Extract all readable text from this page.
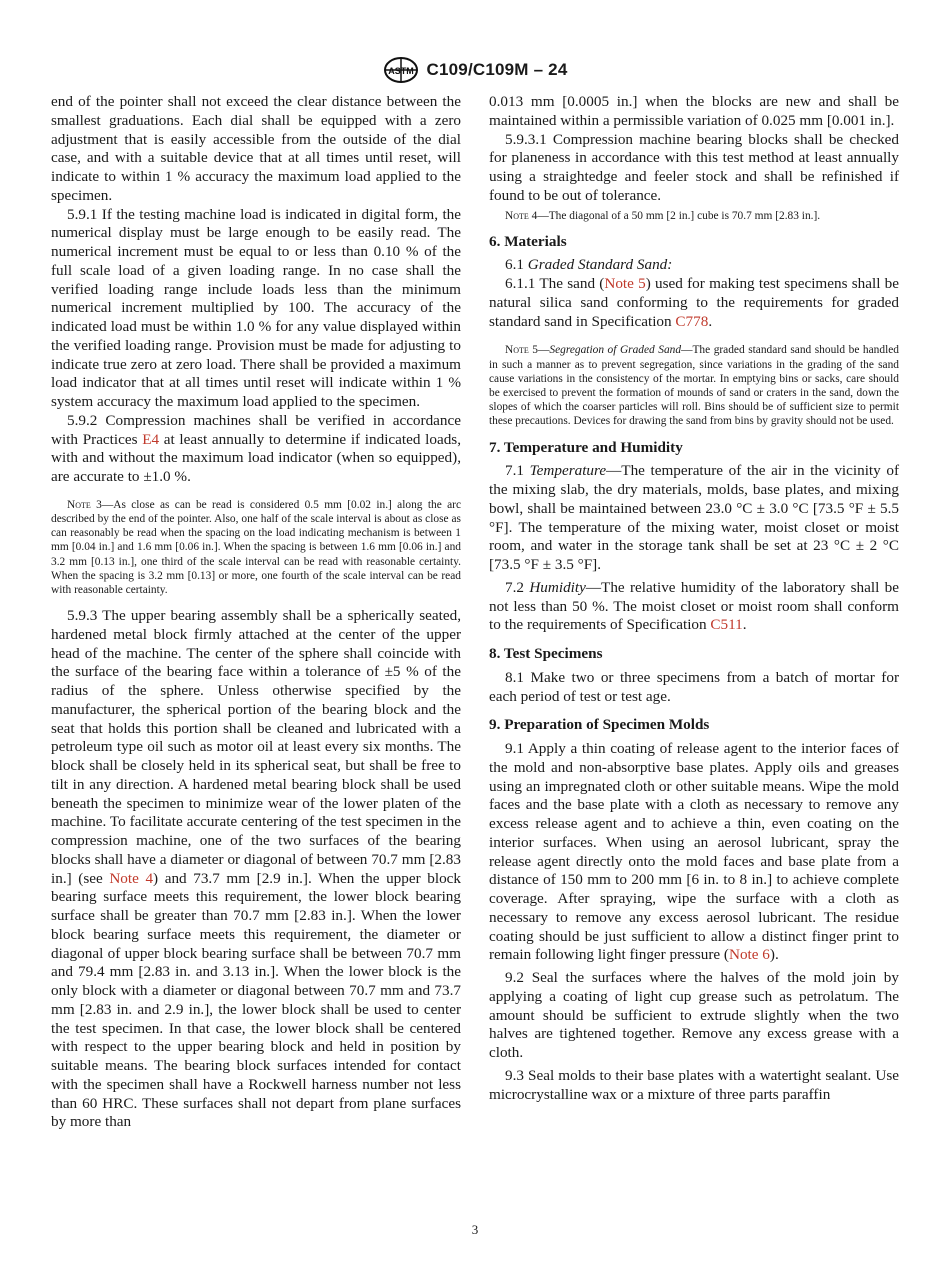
ASTM C109/C109M – 24

end of the pointer shall not exceed the clear distance between the smallest graduations. Each dial shall be equipped with a zero adjustment that is easily accessible from the outside of the dial case, and with a suitable device that at all times until reset, will indicate to within 1 % accuracy the maximum load applied to the specimen.

5.9.1 If the testing machine load is indicated in digital form, the numerical display must be large enough to be easily read. The numerical increment must be equal to or less than 0.10 % of the full scale load of a given loading range. In no case shall the verified loading range include loads less than the minimum numerical increment multiplied by 100. The accuracy of the indicated load must be within 1.0 % for any value displayed within the verified loading range. Provision must be made for adjusting to indicate true zero at zero load. There shall be provided a maximum load indicator that at all times until reset will indicate within 1 % system accuracy the maximum load applied to the specimen.

5.9.2 Compression machines shall be verified in accordance with Practices E4 at least annually to determine if indicated loads, with and without the maximum load indicator (when so equipped), are accurate to ±1.0 %.

Note 3—As close as can be read is considered 0.5 mm [0.02 in.] along the arc described by the end of the pointer. Also, one half of the scale interval is about as close as can reasonably be read when the spacing on the load indicating mechanism is between 1 mm [0.04 in.] and 1.6 mm [0.06 in.]. When the spacing is between 1.6 mm [0.06 in.] and 3.2 mm [0.13 in.], one third of the scale interval can be read with reasonable certainty. When the spacing is 3.2 mm [0.13] or more, one fourth of the scale interval can be read with reasonable certainty.

5.9.3 The upper bearing assembly shall be a spherically seated, hardened metal block firmly attached at the center of the upper head of the machine. The center of the sphere shall coincide with the surface of the bearing face within a tolerance of ±5 % of the radius of the sphere. Unless otherwise specified by the manufacturer, the spherical portion of the bearing block and the seat that holds this portion shall be cleaned and lubricated with a petroleum type oil such as motor oil at least every six months. The block shall be closely held in its spherical seat, but shall be free to tilt in any direction. A hardened metal bearing block shall be used beneath the specimen to minimize wear of the lower platen of the machine. To facilitate accurate centering of the test specimen in the compression machine, one of the two surfaces of the bearing blocks shall have a diameter or diagonal of between 70.7 mm [2.83 in.] (see Note 4) and 73.7 mm [2.9 in.]. When the upper block bearing surface meets this requirement, the lower block bearing surface shall be greater than 70.7 mm [2.83 in.]. When the lower block bearing surface meets this requirement, the diameter or diagonal of upper block bearing surface shall be between 70.7 mm and 79.4 mm [2.83 in. and 3.13 in.]. When the lower block is the only block with a diameter or diagonal between 70.7 mm and 73.7 mm [2.83 in. and 2.9 in.], the lower block shall be used to center the test specimen. In that case, the lower block shall be centered with respect to the upper bearing block and held in position by suitable means. The bearing block surfaces intended for contact with the specimen shall have a Rockwell harness number not less than 60 HRC. These surfaces shall not depart from plane surfaces by more than

0.013 mm [0.0005 in.] when the blocks are new and shall be maintained within a permissible variation of 0.025 mm [0.001 in.].

5.9.3.1 Compression machine bearing blocks shall be checked for planeness in accordance with this test method at least annually using a straightedge and feeler stock and shall be refinished if found to be out of tolerance.

Note 4—The diagonal of a 50 mm [2 in.] cube is 70.7 mm [2.83 in.].

6. Materials

6.1 Graded Standard Sand:

6.1.1 The sand (Note 5) used for making test specimens shall be natural silica sand conforming to the requirements for graded standard sand in Specification C778.

Note 5—Segregation of Graded Sand—The graded standard sand should be handled in such a manner as to prevent segregation, since variations in the grading of the sand cause variations in the consistency of the mortar. In emptying bins or sacks, care should be exercised to prevent the formation of mounds of sand or craters in the sand, down the slopes of which the coarser particles will roll. Bins should be of sufficient size to permit these precautions. Devices for drawing the sand from bins by gravity should not be used.

7. Temperature and Humidity

7.1 Temperature—The temperature of the air in the vicinity of the mixing slab, the dry materials, molds, base plates, and mixing bowl, shall be maintained between 23.0 °C ± 3.0 °C [73.5 °F ± 5.5 °F]. The temperature of the mixing water, moist closet or moist room, and water in the storage tank shall be set at 23 °C ± 2 °C [73.5 °F ± 3.5 °F].

7.2 Humidity—The relative humidity of the laboratory shall be not less than 50 %. The moist closet or moist room shall conform to the requirements of Specification C511.

8. Test Specimens

8.1 Make two or three specimens from a batch of mortar for each period of test or test age.

9. Preparation of Specimen Molds

9.1 Apply a thin coating of release agent to the interior faces of the mold and non-absorptive base plates. Apply oils and greases using an impregnated cloth or other suitable means. Wipe the mold faces and the base plate with a cloth as necessary to remove any excess release agent and to achieve a thin, even coating on the interior surfaces. When using an aerosol lubricant, spray the release agent directly onto the mold faces and base plate from a distance of 150 mm to 200 mm [6 in. to 8 in.] to achieve complete coverage. After spraying, wipe the surface with a cloth as necessary to remove any excess aerosol lubricant. The residue coating should be just sufficient to allow a distinct finger print to remain following light finger pressure (Note 6).

9.2 Seal the surfaces where the halves of the mold join by applying a coating of light cup grease such as petrolatum. The amount should be sufficient to extrude slightly when the two halves are tightened together. Remove any excess grease with a cloth.

9.3 Seal molds to their base plates with a watertight sealant. Use microcrystalline wax or a mixture of three parts paraffin

3
